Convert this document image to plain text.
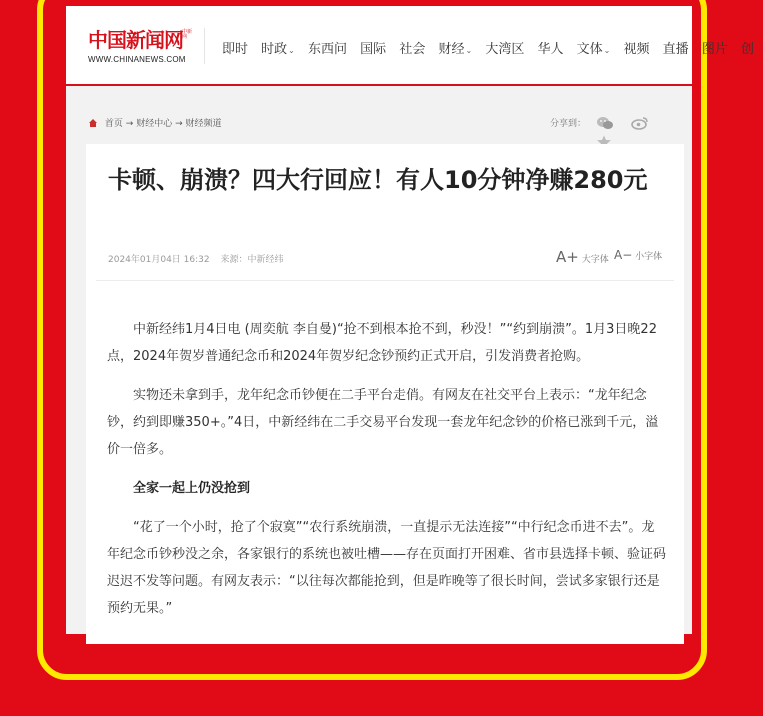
中国新闻网 中新网
WWW.CHINANEWS.COM
即时 时政⌄ 东西问 国际 社会 财经⌄ 大湾区 华人 文体⌄ 视频 直播 图片 创
首页 → 财经中心 → 财经频道	分享到：

卡顿、崩溃？四大行回应！有人10分钟净赚280元
2024年01月04日 16:32 来源：中新经纬	A+ 大字体 A− 小字体

中新经纬1月4日电 (周奕航 李自曼)“抢不到根本抢不到，秒没！”“约到崩溃”。1月3日晚22点，2024年贺岁普通纪念币和2024年贺岁纪念钞预约正式开启，引发消费者抢购。

实物还未拿到手，龙年纪念币钞便在二手平台走俏。有网友在社交平台上表示：“龙年纪念钞，约到即赚350+。”4日，中新经纬在二手交易平台发现一套龙年纪念钞的价格已涨到千元，溢价一倍多。

全家一起上仍没抢到

“花了一个小时，抢了个寂寞”“农行系统崩溃，一直提示无法连接”“中行纪念币进不去”。龙年纪念币钞秒没之余，各家银行的系统也被吐槽——存在页面打开困难、省市县选择卡顿、验证码迟迟不发等问题。有网友表示：“以往每次都能抢到，但是昨晚等了很长时间，尝试多家银行还是预约无果。”
